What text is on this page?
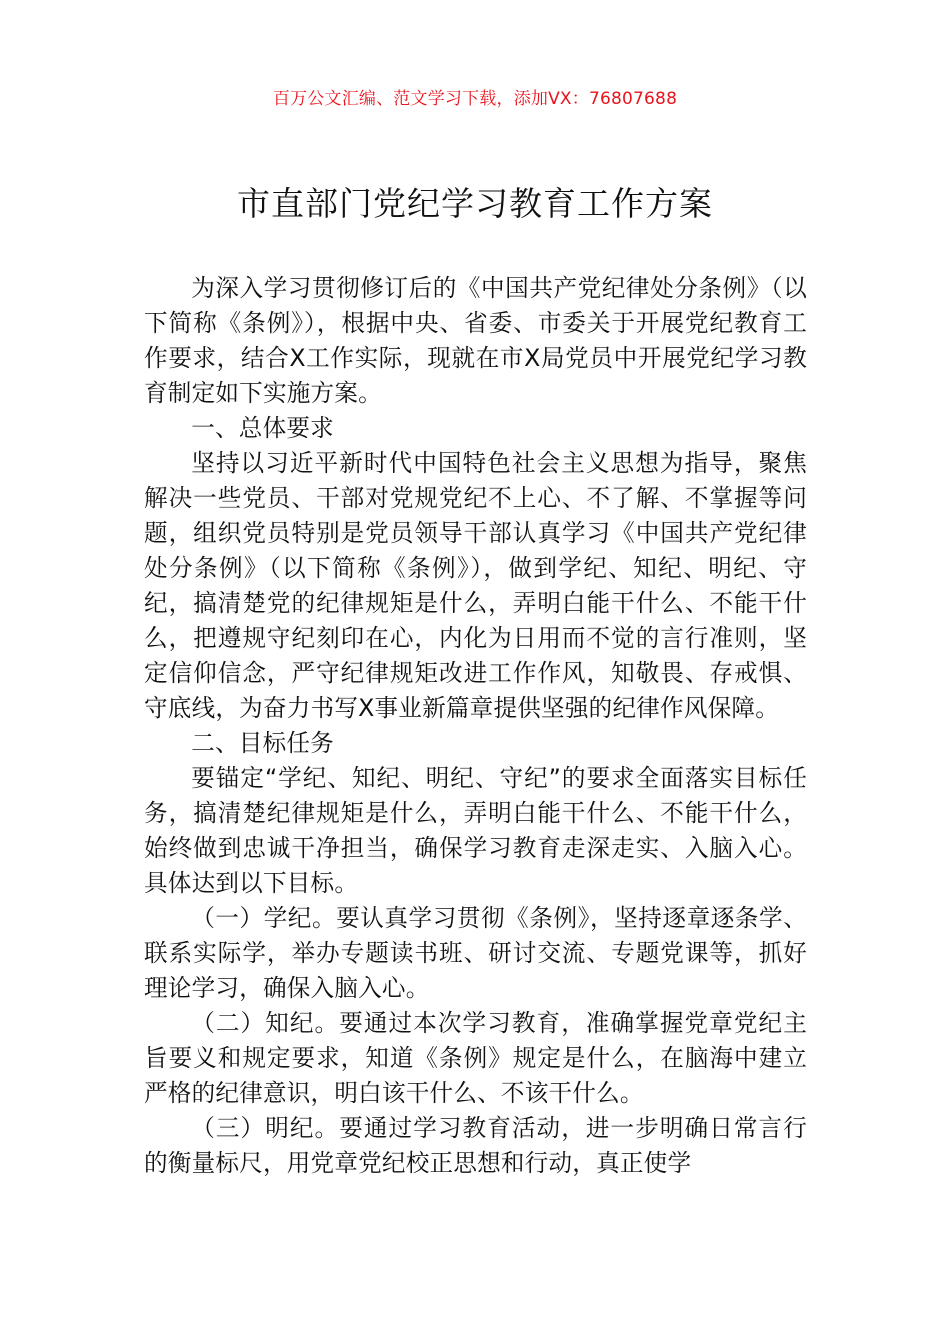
百万公文汇编、范文学习下载，添加VX：76807688
市直部门党纪学习教育工作方案

为深入学习贯彻修订后的《中国共产党纪律处分条例》（以下简称《条例》），根据中央、省委、市委关于开展党纪教育工作要求，结合X工作实际，现就在市X局党员中开展党纪学习教育制定如下实施方案。

一、总体要求

坚持以习近平新时代中国特色社会主义思想为指导，聚焦解决一些党员、干部对党规党纪不上心、不了解、不掌握等问题，组织党员特别是党员领导干部认真学习《中国共产党纪律处分条例》（以下简称《条例》），做到学纪、知纪、明纪、守纪，搞清楚党的纪律规矩是什么，弄明白能干什么、不能干什么，把遵规守纪刻印在心，内化为日用而不觉的言行准则，坚定信仰信念，严守纪律规矩改进工作作风，知敬畏、存戒惧、守底线，为奋力书写X事业新篇章提供坚强的纪律作风保障。

二、目标任务

要锚定“学纪、知纪、明纪、守纪”的要求全面落实目标任务，搞清楚纪律规矩是什么，弄明白能干什么、不能干什么，始终做到忠诚干净担当，确保学习教育走深走实、入脑入心。具体达到以下目标。

（一）学纪。要认真学习贯彻《条例》，坚持逐章逐条学、联系实际学，举办专题读书班、研讨交流、专题党课等，抓好理论学习，确保入脑入心。

（二）知纪。要通过本次学习教育，准确掌握党章党纪主旨要义和规定要求，知道《条例》规定是什么，在脑海中建立严格的纪律意识，明白该干什么、不该干什么。

（三）明纪。要通过学习教育活动，进一步明确日常言行的衡量标尺，用党章党纪校正思想和行动，真正使学
